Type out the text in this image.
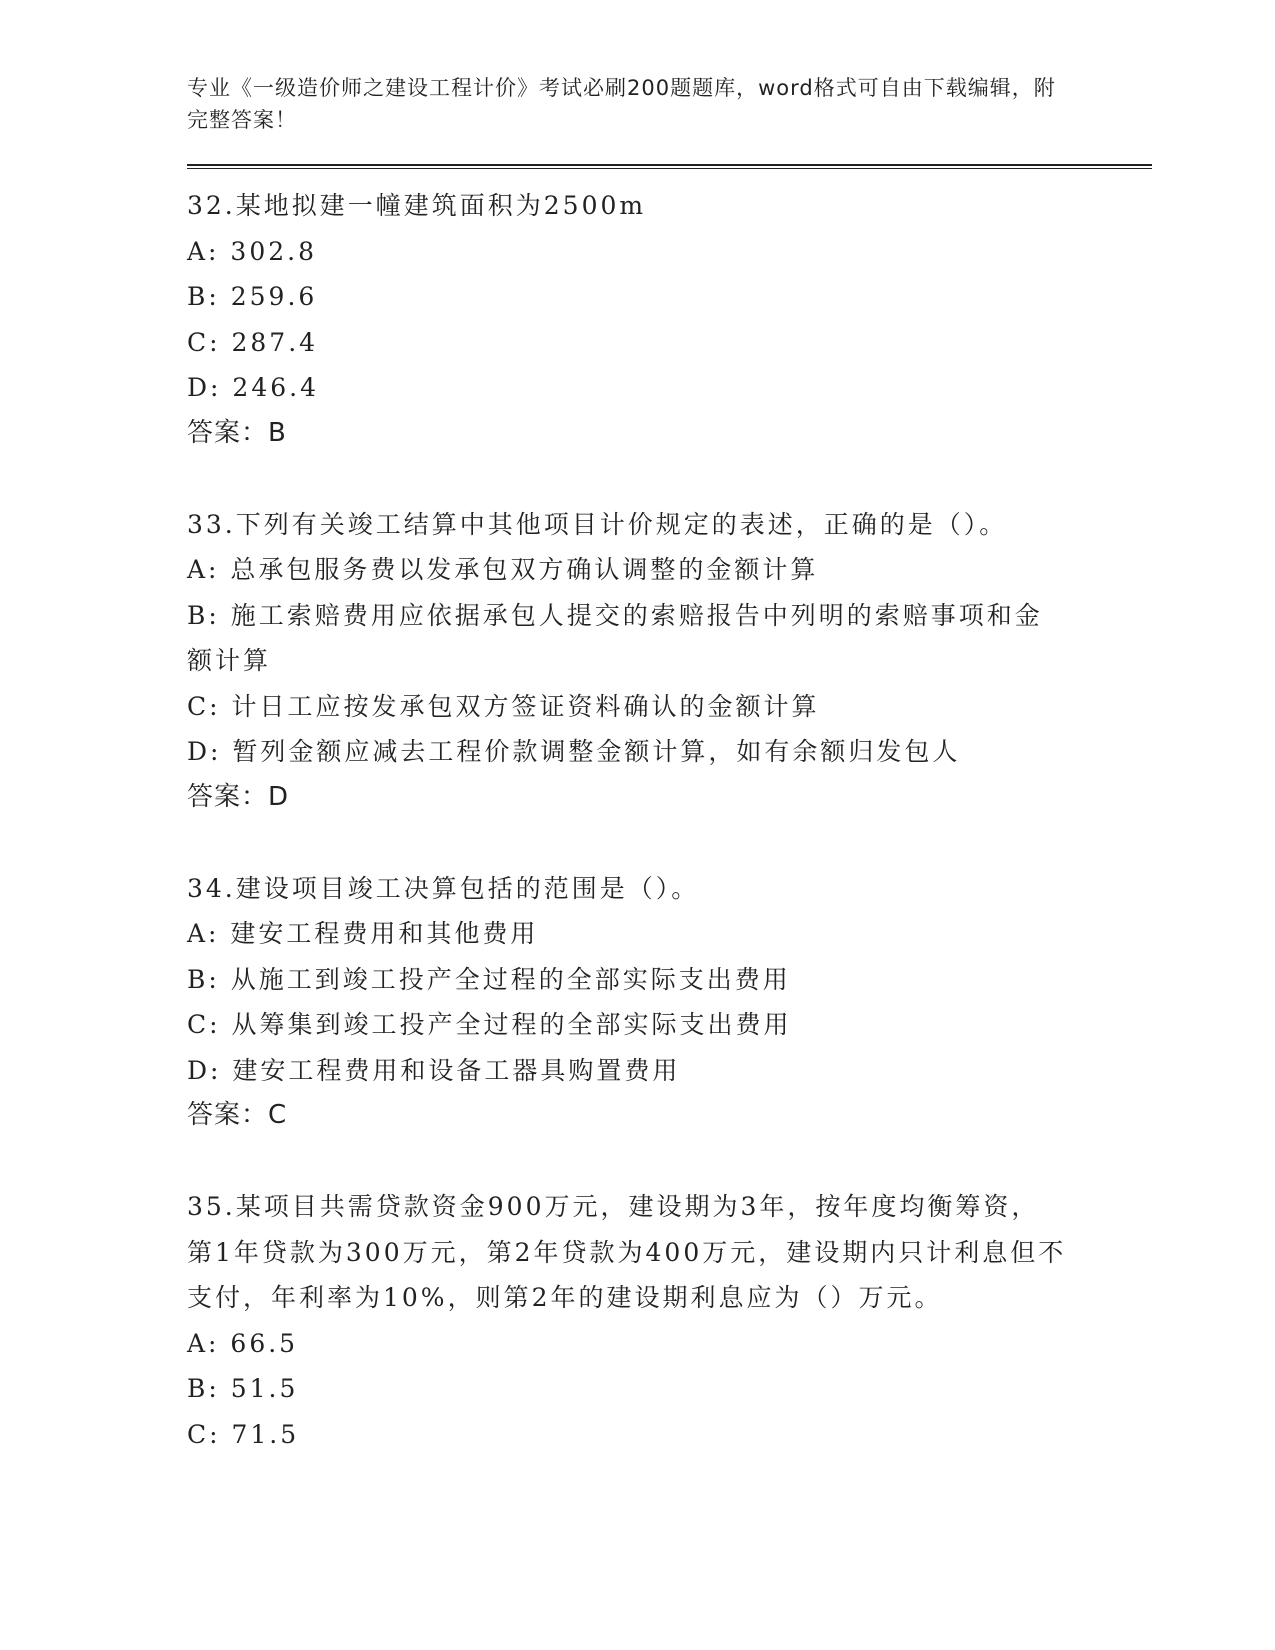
专业《一级造价师之建设工程计价》考试必刷200题题库，word格式可自由下载编辑，附完整答案！
32.某地拟建一幢建筑面积为2500m
A: 302.8
B: 259.6
C: 287.4
D: 246.4
答案：B
33.下列有关竣工结算中其他项目计价规定的表述，正确的是（）。
A: 总承包服务费以发承包双方确认调整的金额计算
B: 施工索赔费用应依据承包人提交的索赔报告中列明的索赔事项和金额计算
C: 计日工应按发承包双方签证资料确认的金额计算
D: 暂列金额应减去工程价款调整金额计算，如有余额归发包人
答案：D
34.建设项目竣工决算包括的范围是（）。
A: 建安工程费用和其他费用
B: 从施工到竣工投产全过程的全部实际支出费用
C: 从筹集到竣工投产全过程的全部实际支出费用
D: 建安工程费用和设备工器具购置费用
答案：C
35.某项目共需贷款资金900万元，建设期为3年，按年度均衡筹资，第1年贷款为300万元，第2年贷款为400万元，建设期内只计利息但不支付，年利率为10%，则第2年的建设期利息应为（）万元。
A: 66.5
B: 51.5
C: 71.5
